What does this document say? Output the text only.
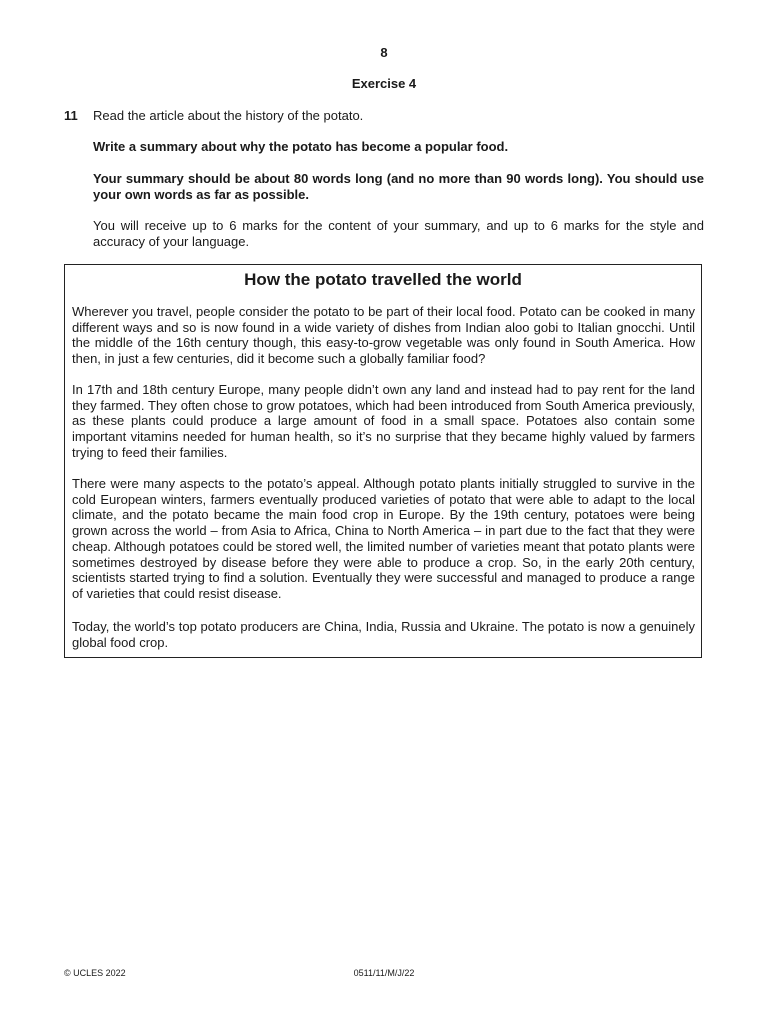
8
Exercise 4
11 Read the article about the history of the potato.
Write a summary about why the potato has become a popular food.
Your summary should be about 80 words long (and no more than 90 words long). You should use your own words as far as possible.
You will receive up to 6 marks for the content of your summary, and up to 6 marks for the style and accuracy of your language.
How the potato travelled the world

Wherever you travel, people consider the potato to be part of their local food. Potato can be cooked in many different ways and so is now found in a wide variety of dishes from Indian aloo gobi to Italian gnocchi. Until the middle of the 16th century though, this easy-to-grow vegetable was only found in South America. How then, in just a few centuries, did it become such a globally familiar food?

In 17th and 18th century Europe, many people didn’t own any land and instead had to pay rent for the land they farmed. They often chose to grow potatoes, which had been introduced from South America previously, as these plants could produce a large amount of food in a small space. Potatoes also contain some important vitamins needed for human health, so it’s no surprise that they became highly valued by farmers trying to feed their families.

There were many aspects to the potato’s appeal. Although potato plants initially struggled to survive in the cold European winters, farmers eventually produced varieties of potato that were able to adapt to the local climate, and the potato became the main food crop in Europe. By the 19th century, potatoes were being grown across the world – from Asia to Africa, China to North America – in part due to the fact that they were cheap. Although potatoes could be stored well, the limited number of varieties meant that potato plants were sometimes destroyed by disease before they were able to produce a crop. So, in the early 20th century, scientists started trying to find a solution. Eventually they were successful and managed to produce a range of varieties that could resist disease.

Today, the world’s top potato producers are China, India, Russia and Ukraine. The potato is now a genuinely global food crop.

© UCLES 2022	0511/11/M/J/22
